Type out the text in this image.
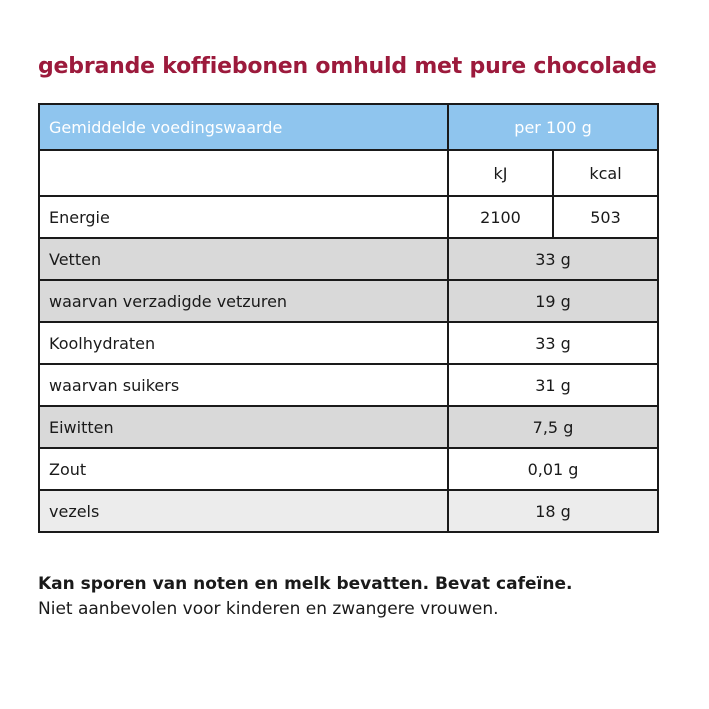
gebrande koffiebonen omhuld met pure chocolade
Gemiddelde voedingswaarde	per 100 g	
	kJ	kcal
Energie	2100	503
Vetten	33 g	
waarvan verzadigde vetzuren	19 g	
Koolhydraten	33 g	
waarvan suikers	31 g	
Eiwitten	7,5 g	
Zout	0,01 g	
vezels	18 g	
Kan sporen van noten en melk bevatten. Bevat cafeïne.
Niet aanbevolen voor kinderen en zwangere vrouwen.
